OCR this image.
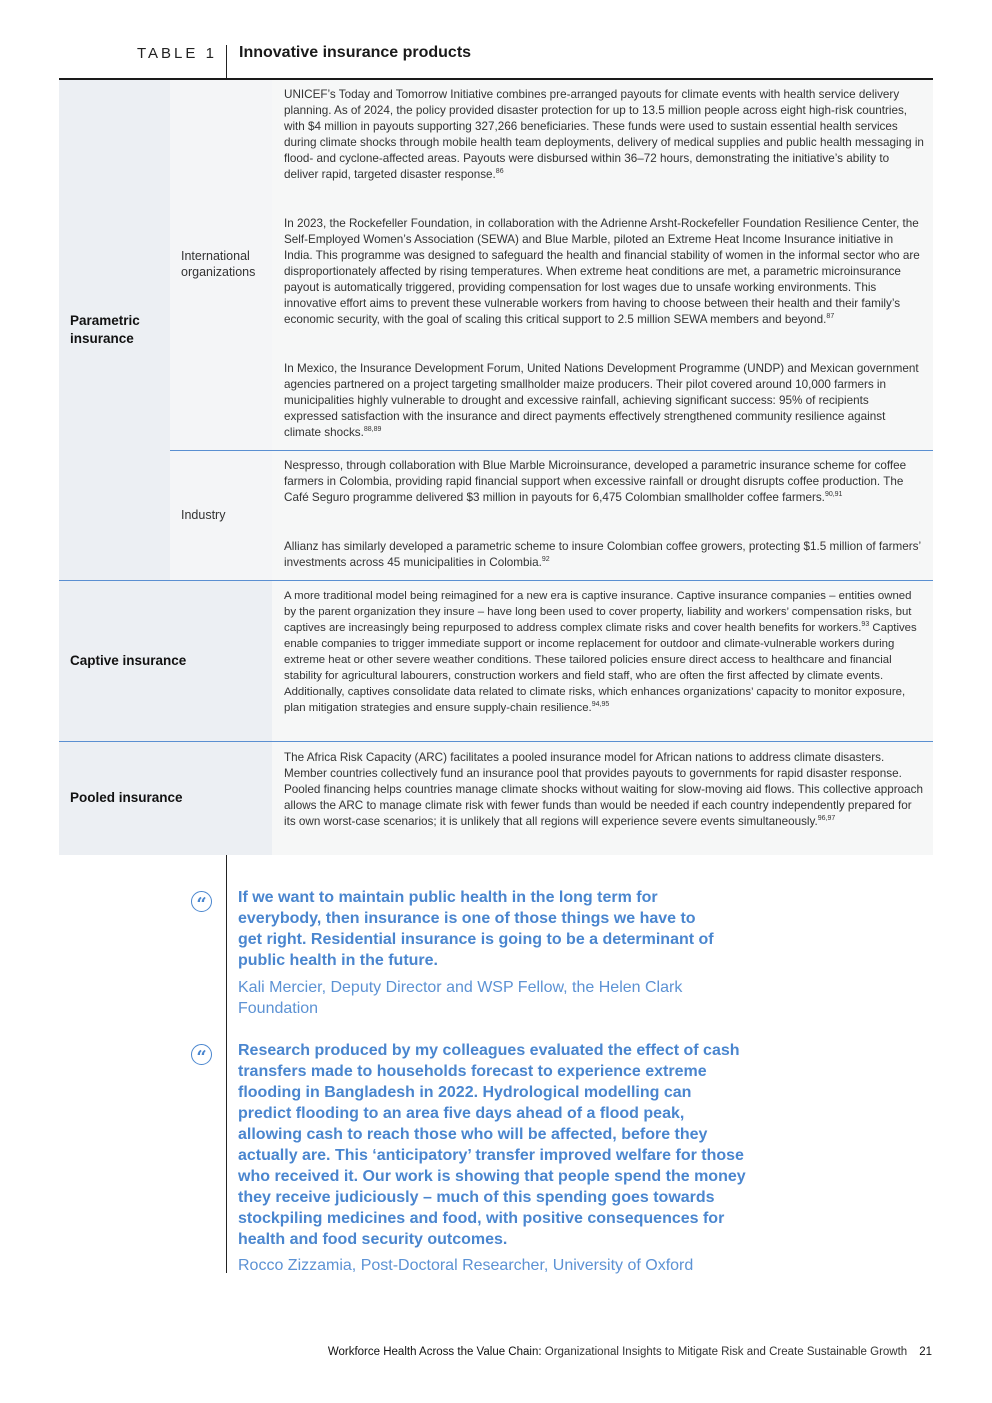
TABLE 1 Innovative insurance products
Parametric insurance
International organizations

UNICEF’s Today and Tomorrow Initiative combines pre-arranged payouts for climate events with health service delivery planning. As of 2024, the policy provided disaster protection for up to 13.5 million people across eight high-risk countries, with $4 million in payouts supporting 327,266 beneficiaries. These funds were used to sustain essential health services during climate shocks through mobile health team deployments, delivery of medical supplies and public health messaging in flood- and cyclone-affected areas. Payouts were disbursed within 36–72 hours, demonstrating the initiative’s ability to deliver rapid, targeted disaster response.$^{86}$

In 2023, the Rockefeller Foundation, in collaboration with the Adrienne Arsht-Rockefeller Foundation Resilience Center, the Self-Employed Women’s Association (SEWA) and Blue Marble, piloted an Extreme Heat Income Insurance initiative in India. This programme was designed to safeguard the health and financial stability of women in the informal sector who are disproportionately affected by rising temperatures. When extreme heat conditions are met, a parametric microinsurance payout is automatically triggered, providing compensation for lost wages due to unsafe working environments. This innovative effort aims to prevent these vulnerable workers from having to choose between their health and their family’s economic security, with the goal of scaling this critical support to 2.5 million SEWA members and beyond.$^{87}$

In Mexico, the Insurance Development Forum, United Nations Development Programme (UNDP) and Mexican government agencies partnered on a project targeting smallholder maize producers. Their pilot covered around 10,000 farmers in municipalities highly vulnerable to drought and excessive rainfall, achieving significant success: 95% of recipients expressed satisfaction with the insurance and direct payments effectively strengthened community resilience against climate shocks.$^{88,89}$

Industry

Nespresso, through collaboration with Blue Marble Microinsurance, developed a parametric insurance scheme for coffee farmers in Colombia, providing rapid financial support when excessive rainfall or drought disrupts coffee production. The Café Seguro programme delivered $3 million in payouts for 6,475 Colombian smallholder coffee farmers.$^{90,91}$

Allianz has similarly developed a parametric scheme to insure Colombian coffee growers, protecting $1.5 million of farmers’ investments across 45 municipalities in Colombia.$^{92}$

Captive insurance

A more traditional model being reimagined for a new era is captive insurance. Captive insurance companies – entities owned by the parent organization they insure – have long been used to cover property, liability and workers’ compensation risks, but captives are increasingly being repurposed to address complex climate risks and cover health benefits for workers.$^{93}$ Captives enable companies to trigger immediate support or income replacement for outdoor and climate-vulnerable workers during extreme heat or other severe weather conditions. These tailored policies ensure direct access to healthcare and financial stability for agricultural labourers, construction workers and field staff, who are often the first affected by climate events. Additionally, captives consolidate data related to climate risks, which enhances organizations’ capacity to monitor exposure, plan mitigation strategies and ensure supply-chain resilience.$^{94,95}$

Pooled insurance

The Africa Risk Capacity (ARC) facilitates a pooled insurance model for African nations to address climate disasters. Member countries collectively fund an insurance pool that provides payouts to governments for rapid disaster response. Pooled financing helps countries manage climate shocks without waiting for slow-moving aid flows. This collective approach allows the ARC to manage climate risk with fewer funds than would be needed if each country independently prepared for its own worst-case scenarios; it is unlikely that all regions will experience severe events simultaneously.$^{96,97}$

“	If we want to maintain public health in the long term for everybody, then insurance is one of those things we have to get right. Residential insurance is going to be a determinant of public health in the future.

Kali Mercier, Deputy Director and WSP Fellow, the Helen Clark Foundation

“	Research produced by my colleagues evaluated the effect of cash transfers made to households forecast to experience extreme flooding in Bangladesh in 2022. Hydrological modelling can predict flooding to an area five days ahead of a flood peak, allowing cash to reach those who will be affected, before they actually are. This ‘anticipatory’ transfer improved welfare for those who received it. Our work is showing that people spend the money they receive judiciously – much of this spending goes towards stockpiling medicines and food, with positive consequences for health and food security outcomes.

Rocco Zizzamia, Post-Doctoral Researcher, University of Oxford

Workforce Health Across the Value Chain: Organizational Insights to Mitigate Risk and Create Sustainable Growth 21
